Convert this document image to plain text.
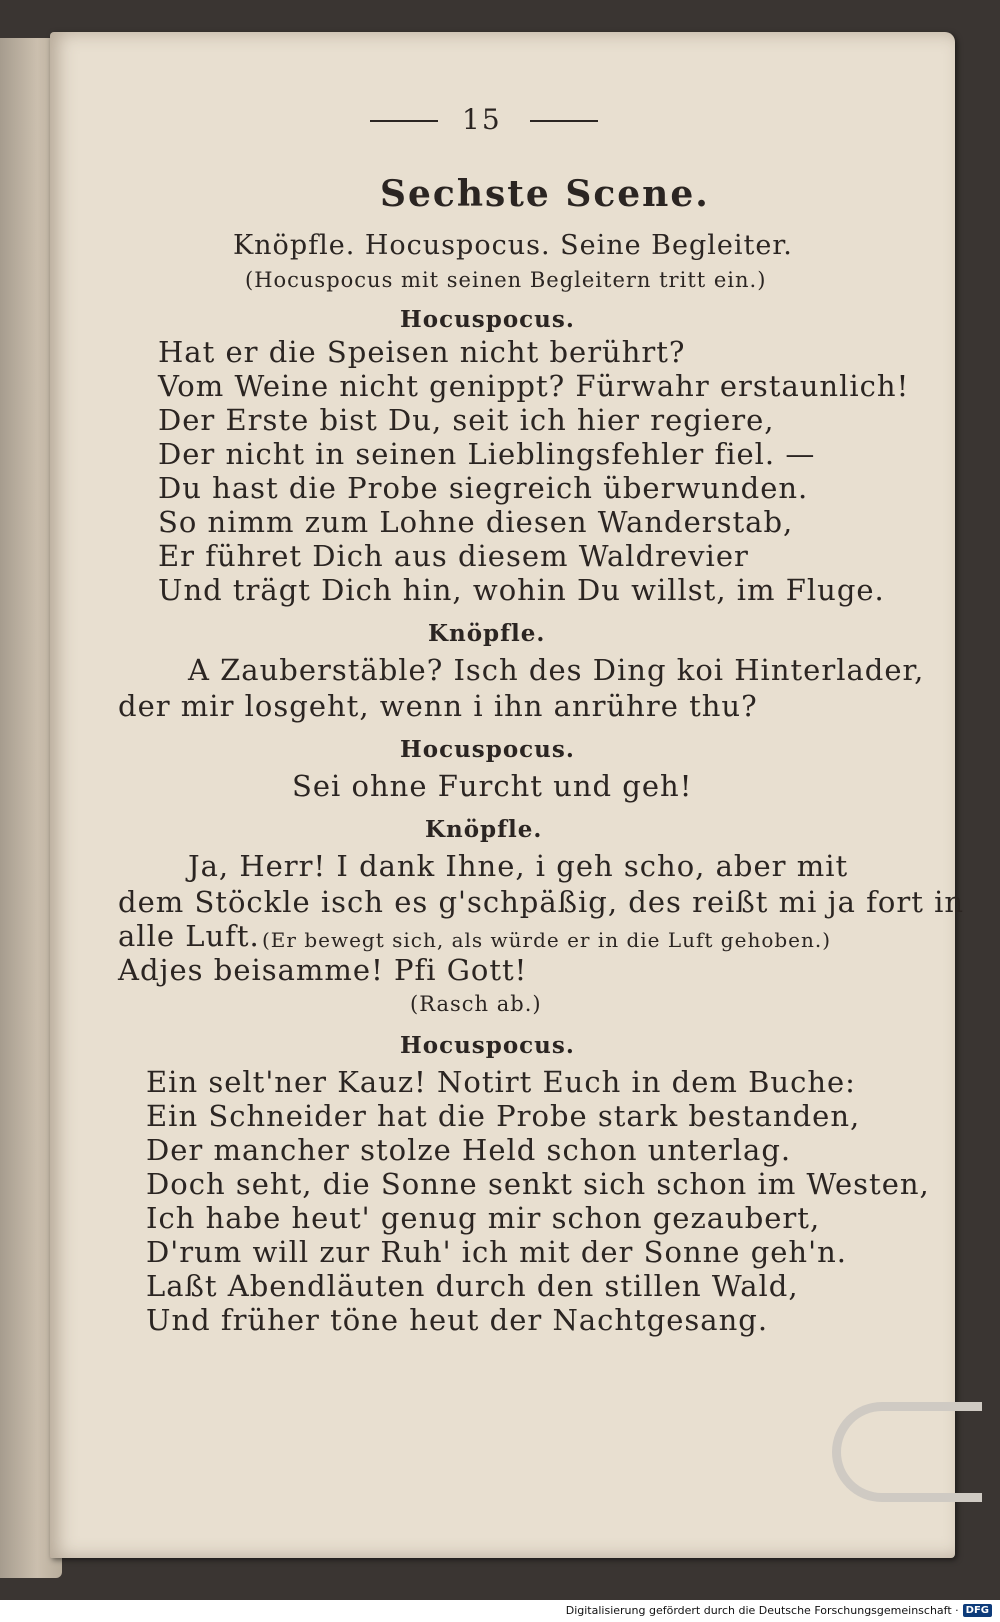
15
Sechste Scene.
Knöpfle. Hocuspocus. Seine Begleiter.
(Hocuspocus mit seinen Begleitern tritt ein.)
Hocuspocus.
Hat er die Speisen nicht berührt?
Vom Weine nicht genippt? Fürwahr erstaunlich!
Der Erste bist Du, seit ich hier regiere,
Der nicht in seinen Lieblingsfehler fiel. —
Du hast die Probe siegreich überwunden.
So nimm zum Lohne diesen Wanderstab,
Er führet Dich aus diesem Waldrevier
Und trägt Dich hin, wohin Du willst, im Fluge.
Knöpfle.
A Zauberstäble? Isch des Ding koi Hinterlader,
der mir losgeht, wenn i ihn anrühre thu?
Hocuspocus.
Sei ohne Furcht und geh!
Knöpfle.
Ja, Herr! I dank Ihne, i geh scho, aber mit
dem Stöckle isch es g'schpäßig, des reißt mi ja fort in
alle Luft. (Er bewegt sich, als würde er in die Luft gehoben.)
Adjes beisamme! Pfi Gott!
(Rasch ab.)
Hocuspocus.
Ein selt'ner Kauz! Notirt Euch in dem Buche:
Ein Schneider hat die Probe stark bestanden,
Der mancher stolze Held schon unterlag.
Doch seht, die Sonne senkt sich schon im Westen,
Ich habe heut' genug mir schon gezaubert,
D'rum will zur Ruh' ich mit der Sonne geh'n.
Laßt Abendläuten durch den stillen Wald,
Und früher töne heut der Nachtgesang.
Digitalisierung gefördert durch die Deutsche Forschungsgemeinschaft · DFG
